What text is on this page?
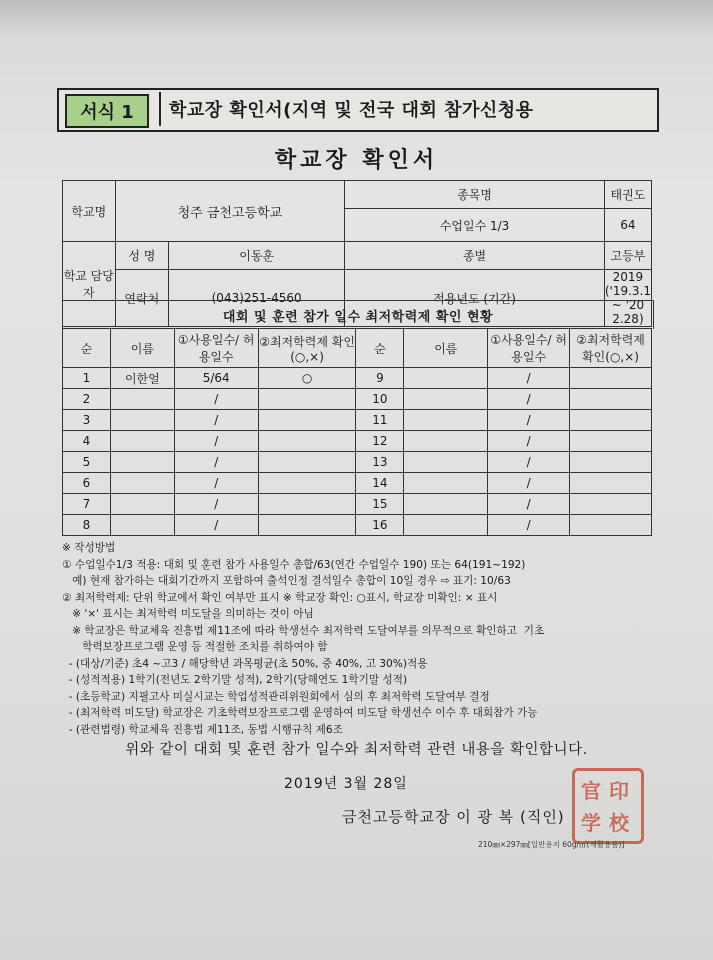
서식 1	학교장 확인서(지역 및 전국 대회 참가신청용
학교장 확인서
학교명	청주 금천고등학교		종목명	태권도
			수업일수 1/3	64
학교 담당자	성 명	이동훈	종별	고등부
	연락처	(043)251-4560	적용년도 (기간)	2019
('19.3.1 ~ '20 2.28)
대회 및 훈련 참가 일수 최저학력제 확인 현황
순	이름	①사용일수/ 허용일수	②최저학력제 확인(○,×)	순	이름	①사용일수/ 허용일수	②최저학력제 확인(○,×)
1	이한얼	5/64	○	9		/	
2		/		10		/	
3		/		11		/	
4		/		12		/	
5		/		13		/	
6		/		14		/	
7		/		15		/	
8		/		16		/	
※ 작성방법
① 수업일수1/3 적용: 대회 및 훈련 참가 사용일수 총합/63(연간 수업일수 190) 또는 64(191~192)
예) 현재 참가하는 대회기간까지 포함하여 출석인정 결석일수 총합이 10일 경우 ⇨ 표기: 10/63
② 최저학력제: 단위 학교에서 확인 여부만 표시 ※ 학교장 확인: ○표시, 학교장 미확인: × 표시
※ '×' 표시는 최저학력 미도달을 의미하는 것이 아님
※ 학교장은 학교체육 진흥법 제11조에 따라 학생선수 최저학력 도달여부를 의무적으로 확인하고  기초
학력보장프로그램 운영 등 적절한 조치를 취하여야 함
- (대상/기준) 초4 ~고3 / 해당학년 과목평균(초 50%, 중 40%, 고 30%)적용
- (성적적용) 1학기(전년도 2학기말 성적), 2학기(당해연도 1학기말 성적)
- (초등학교) 지필고사 미실시교는 학업성적관리위원회에서 심의 후 최저학력 도달여부 결정
- (최저학력 미도달) 학교장은 기초학력보장프로그램 운영하여 미도달 학생선수 이수 후 대회참가 가능
- (관련법령) 학교체육 진흥법 제11조, 동법 시행규칙 제6조
위와 같이 대회 및 훈련 참가 일수와 최저학력 관련 내용을 확인합니다.
2019년 3월 28일
금천고등학교장 이 광 복 (직인)
官 印
学 校
210㎜×297㎜[일반용지 60g/㎡(재활용품)]
